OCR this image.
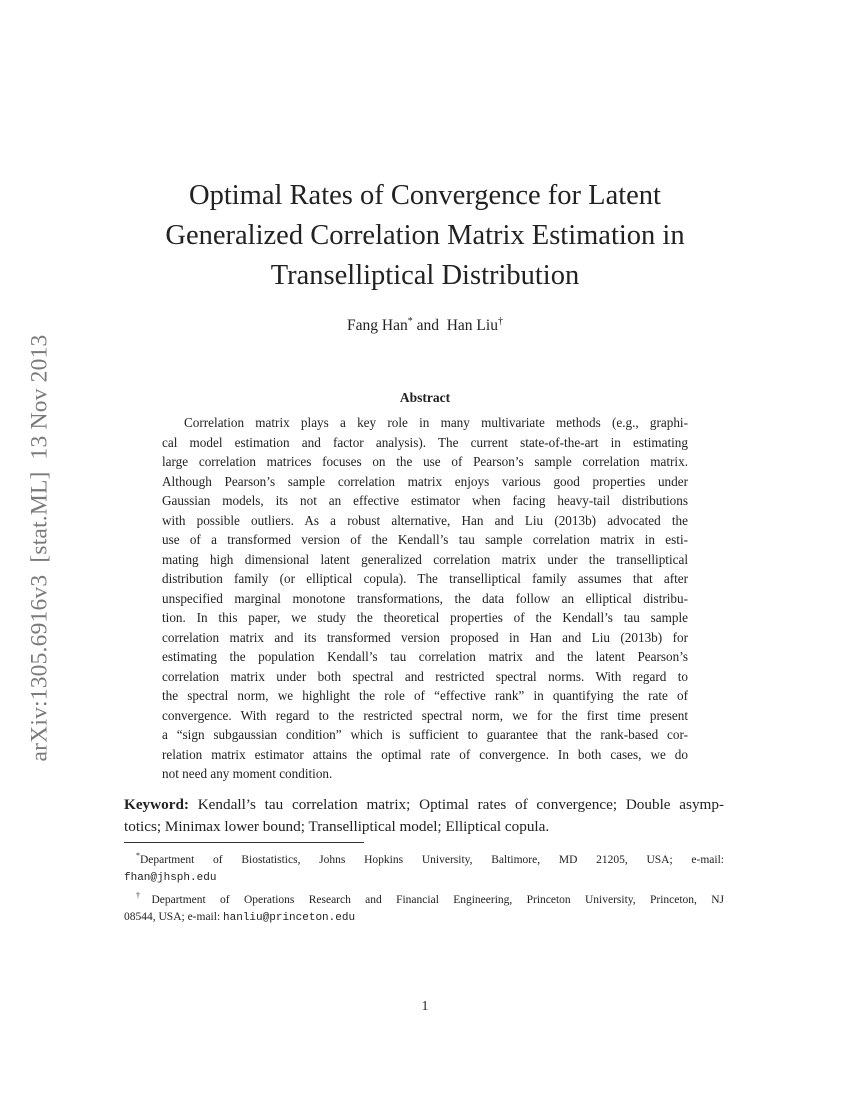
arXiv:1305.6916v3[stat.ML]13 Nov 2013
Optimal Rates of Convergence for Latent
Generalized Correlation Matrix Estimation in
Transelliptical Distribution
Fang Han* and Han Liu†
Abstract
Correlation matrix plays a key role in many multivariate methods (e.g., graphi-
cal model estimation and factor analysis). The current state-of-the-art in estimating
large correlation matrices focuses on the use of Pearson’s sample correlation matrix.
Although Pearson’s sample correlation matrix enjoys various good properties under
Gaussian models, its not an effective estimator when facing heavy-tail distributions
with possible outliers. As a robust alternative, Han and Liu (2013b) advocated the
use of a transformed version of the Kendall’s tau sample correlation matrix in esti-
mating high dimensional latent generalized correlation matrix under the transelliptical
distribution family (or elliptical copula). The transelliptical family assumes that after
unspecified marginal monotone transformations, the data follow an elliptical distribu-
tion. In this paper, we study the theoretical properties of the Kendall’s tau sample
correlation matrix and its transformed version proposed in Han and Liu (2013b) for
estimating the population Kendall’s tau correlation matrix and the latent Pearson’s
correlation matrix under both spectral and restricted spectral norms. With regard to
the spectral norm, we highlight the role of “effective rank” in quantifying the rate of
convergence. With regard to the restricted spectral norm, we for the first time present
a “sign subgaussian condition” which is sufficient to guarantee that the rank-based cor-
relation matrix estimator attains the optimal rate of convergence. In both cases, we do
not need any moment condition.
Keyword: Kendall’s tau correlation matrix; Optimal rates of convergence; Double asymp-
totics; Minimax lower bound; Transelliptical model; Elliptical copula.
*Department of Biostatistics, Johns Hopkins University, Baltimore, MD 21205, USA; e-mail:
fhan@jhsph.edu
†Department of Operations Research and Financial Engineering, Princeton University, Princeton, NJ
08544, USA; e-mail: hanliu@princeton.edu
1
